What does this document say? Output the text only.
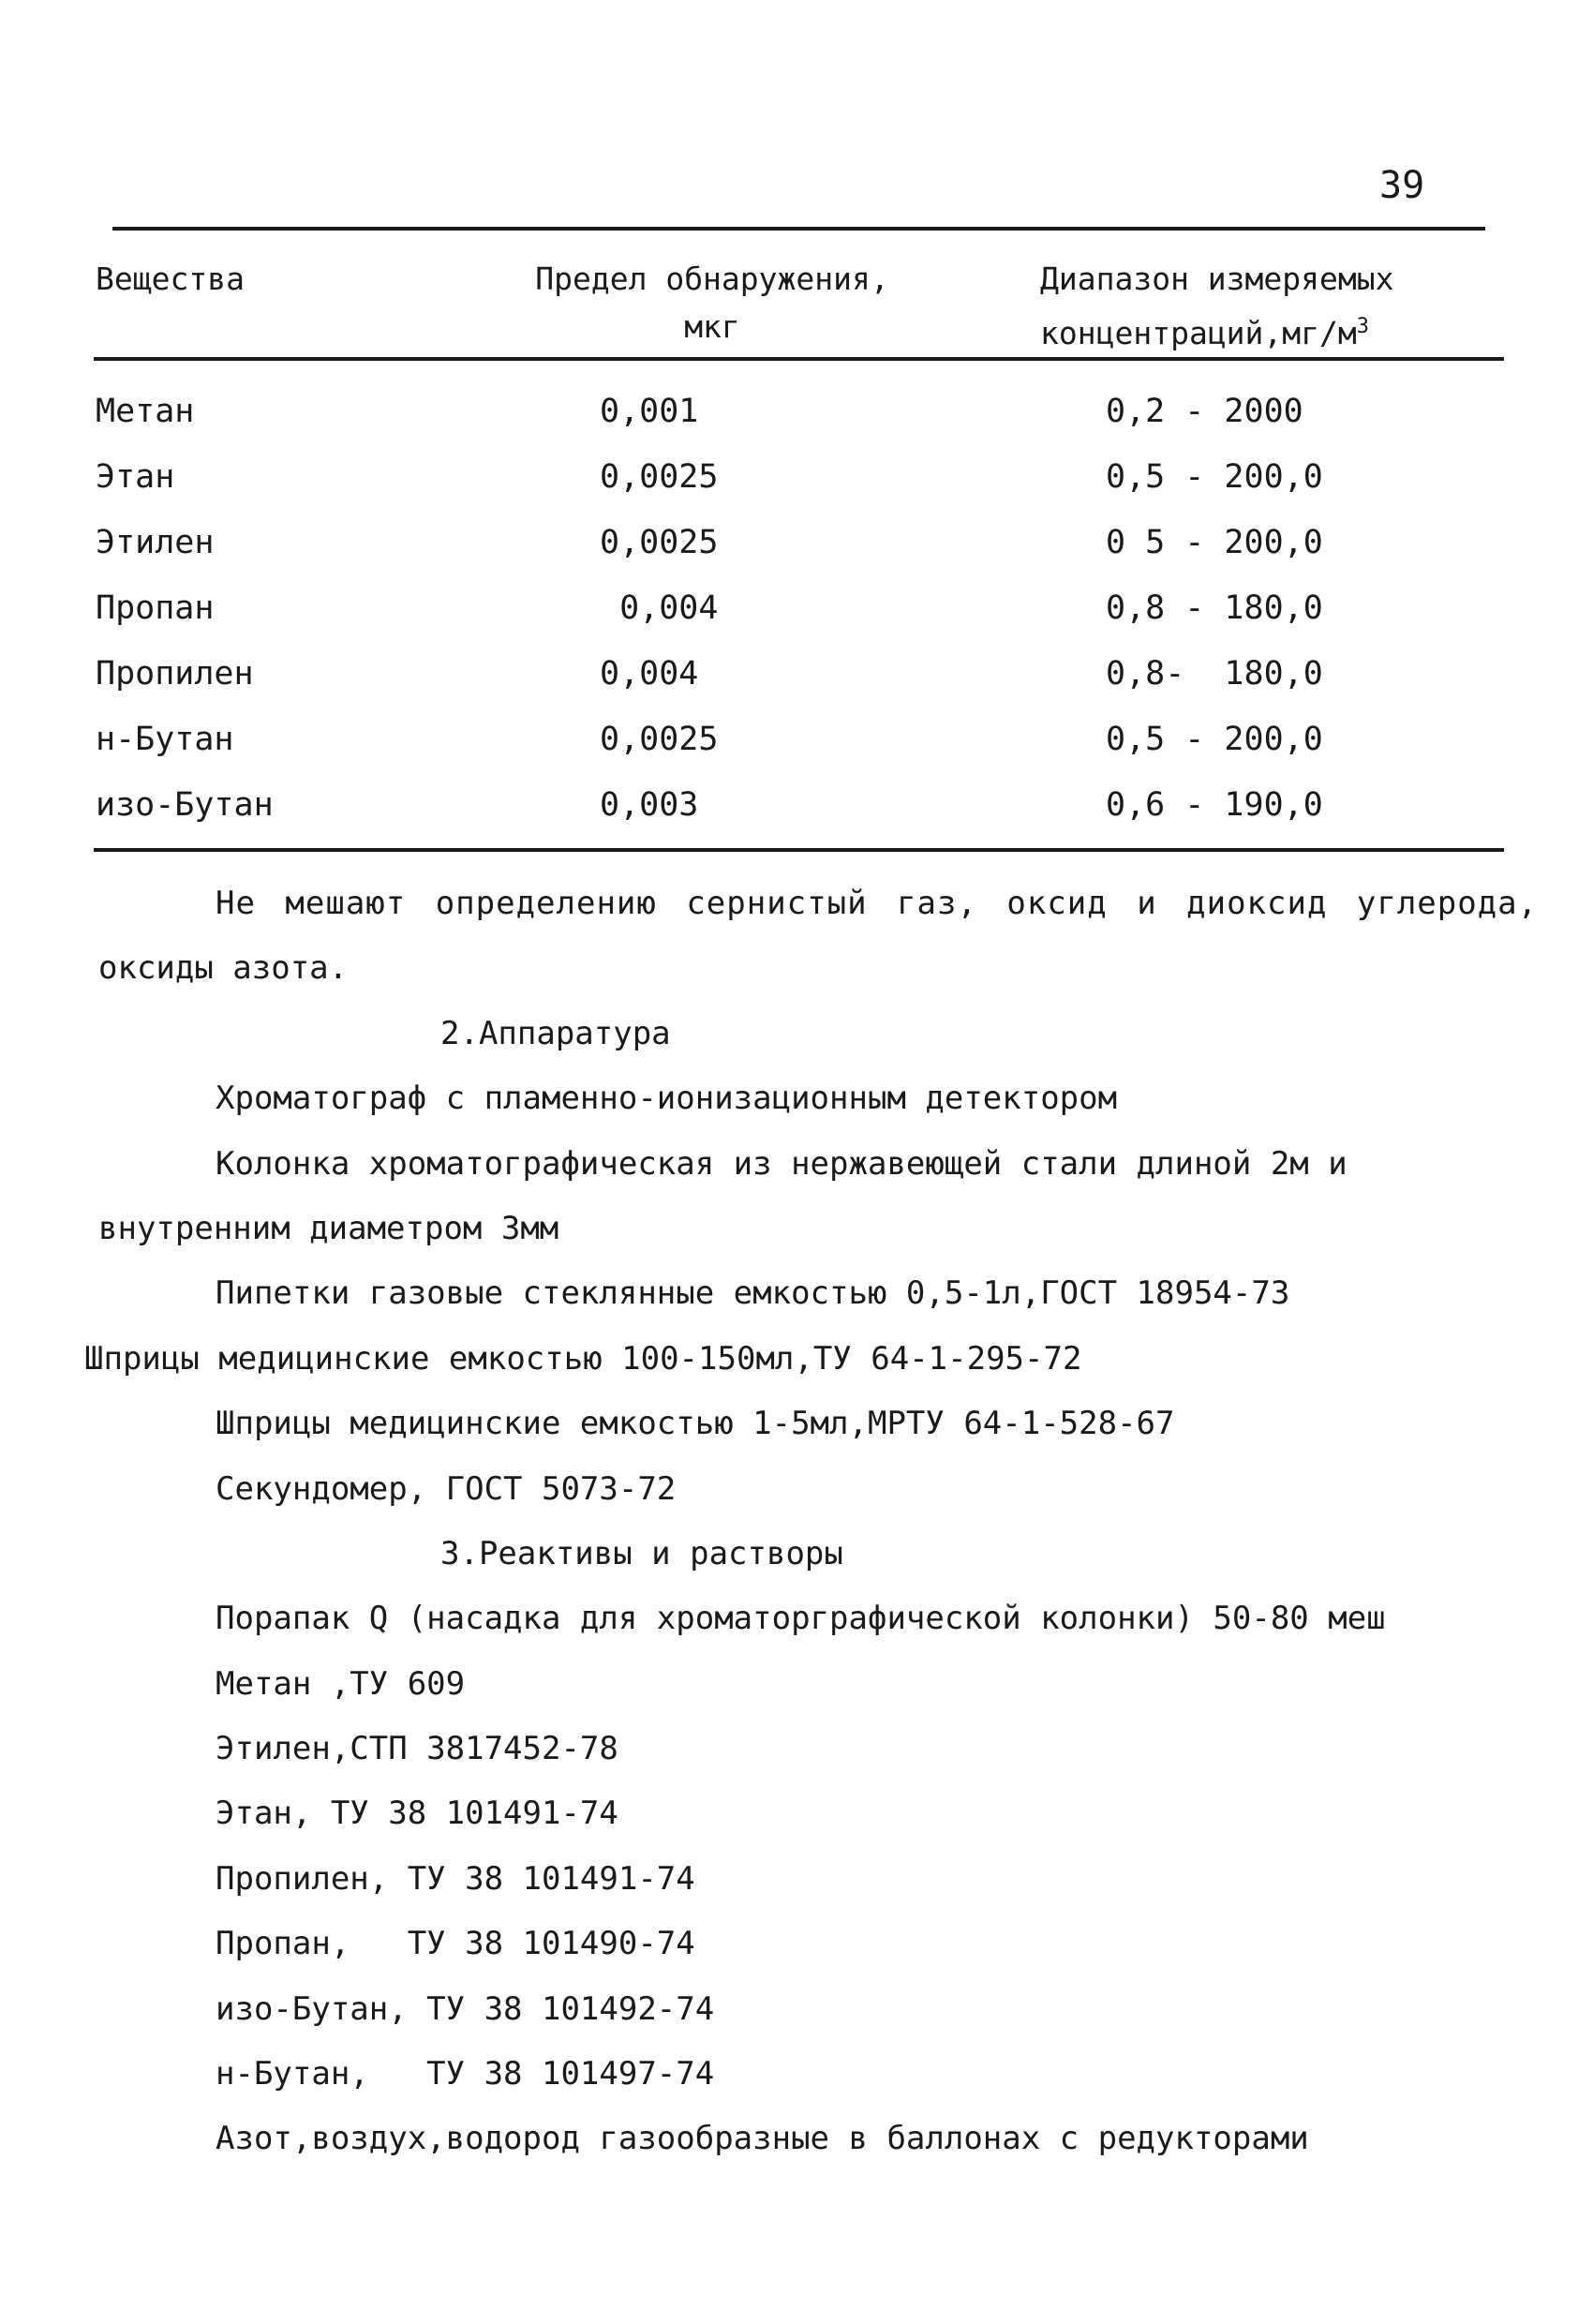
39
Вещества	Предел обнаружения,
мкг
Диапазон измеряемых
$концентраций,мг/м^3$
Метан	0,001	0,2 - 2000
Этан	0,0025	0,5 - 200,0
Этилен	0,0025	0 5 - 200,0
Пропан	0,004	0,8 - 180,0
Пропилен	0,004	0,8-  180,0
н-Бутан	0,0025	0,5 - 200,0
изо-Бутан	0,003	0,6 - 190,0
Не мешают определению сернистый газ, оксид и диоксид углерода,
оксиды азота.
2.Аппаратура
Хроматограф с пламенно-ионизационным детектором
Колонка хроматографическая из нержавеющей стали длиной 2м и
внутренним диаметром 3мм
Пипетки газовые стеклянные емкостью 0,5-1л,ГОСТ 18954-73
Шприцы медицинские емкостью 100-150мл,ТУ 64-1-295-72
Шприцы медицинские емкостью 1-5мл,МРТУ 64-1-528-67
Секундомер, ГОСТ 5073-72
3.Реактивы и растворы
Порапак Q (насадка для хроматорграфической колонки) 50-80 меш
Метан ,ТУ 609
Этилен,СТП 3817452-78
Этан, ТУ 38 101491-74
Пропилен, ТУ 38 101491-74
Пропан,   ТУ 38 101490-74
изо-Бутан, ТУ 38 101492-74
н-Бутан,   ТУ 38 101497-74
Азот,воздух,водород газообразные в баллонах с редукторами
